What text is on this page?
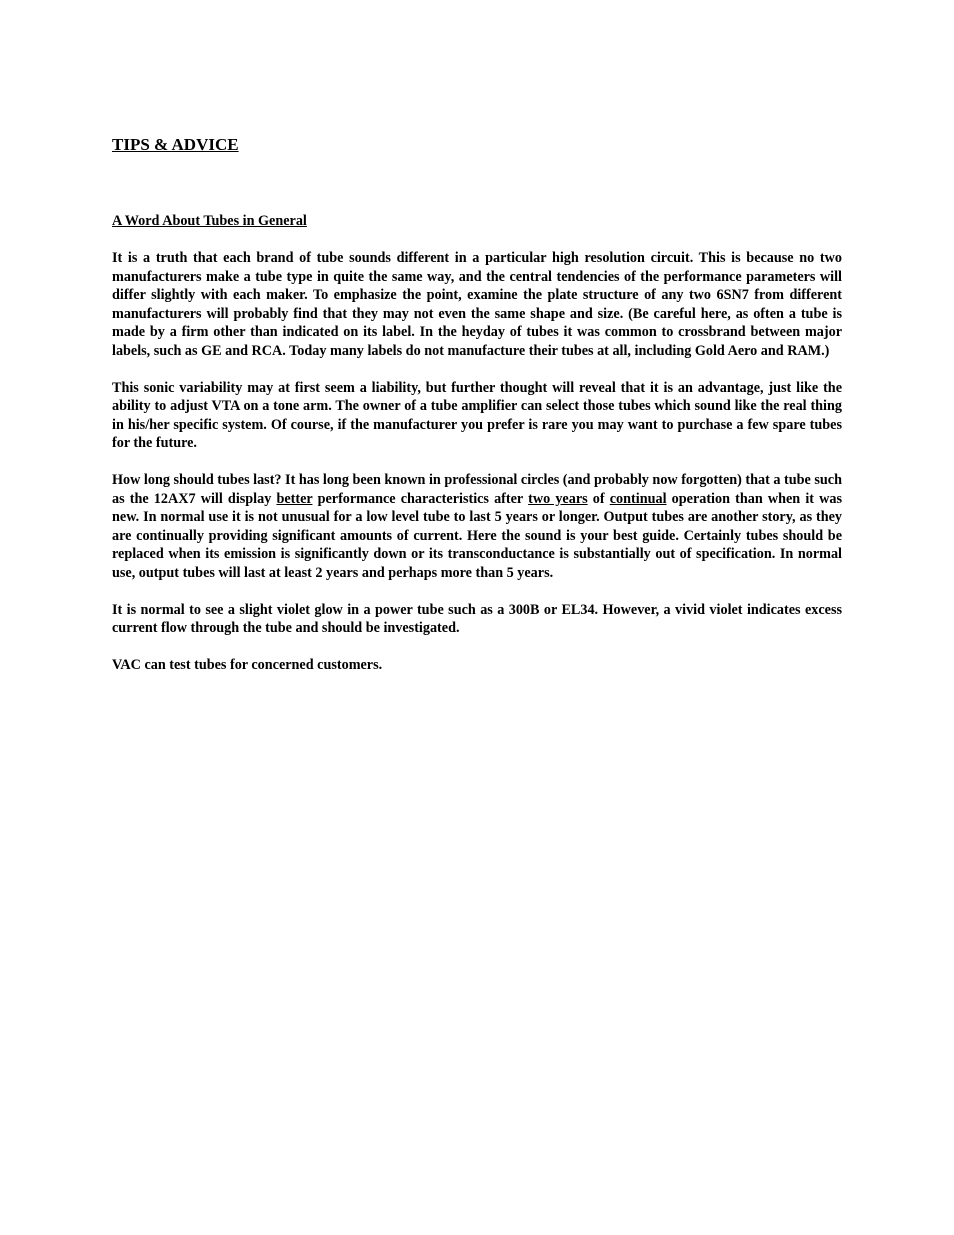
TIPS & ADVICE
A Word About Tubes in General

It is a truth that each brand of tube sounds different in a particular high resolution circuit. This is because no two manufacturers make a tube type in quite the same way, and the central tendencies of the performance parameters will differ slightly with each maker. To emphasize the point, examine the plate structure of any two 6SN7 from different manufacturers will probably find that they may not even the same shape and size. (Be careful here, as often a tube is made by a firm other than indicated on its label. In the heyday of tubes it was common to crossbrand between major labels, such as GE and RCA. Today many labels do not manufacture their tubes at all, including Gold Aero and RAM.)

This sonic variability may at first seem a liability, but further thought will reveal that it is an advantage, just like the ability to adjust VTA on a tone arm. The owner of a tube amplifier can select those tubes which sound like the real thing in his/her specific system. Of course, if the manufacturer you prefer is rare you may want to purchase a few spare tubes for the future.

How long should tubes last? It has long been known in professional circles (and probably now forgotten) that a tube such as the 12AX7 will display better performance characteristics after two years of continual operation than when it was new. In normal use it is not unusual for a low level tube to last 5 years or longer. Output tubes are another story, as they are continually providing significant amounts of current. Here the sound is your best guide. Certainly tubes should be replaced when its emission is significantly down or its transconductance is substantially out of specification. In normal use, output tubes will last at least 2 years and perhaps more than 5 years.

It is normal to see a slight violet glow in a power tube such as a 300B or EL34. However, a vivid violet indicates excess current flow through the tube and should be investigated.

VAC can test tubes for concerned customers.
